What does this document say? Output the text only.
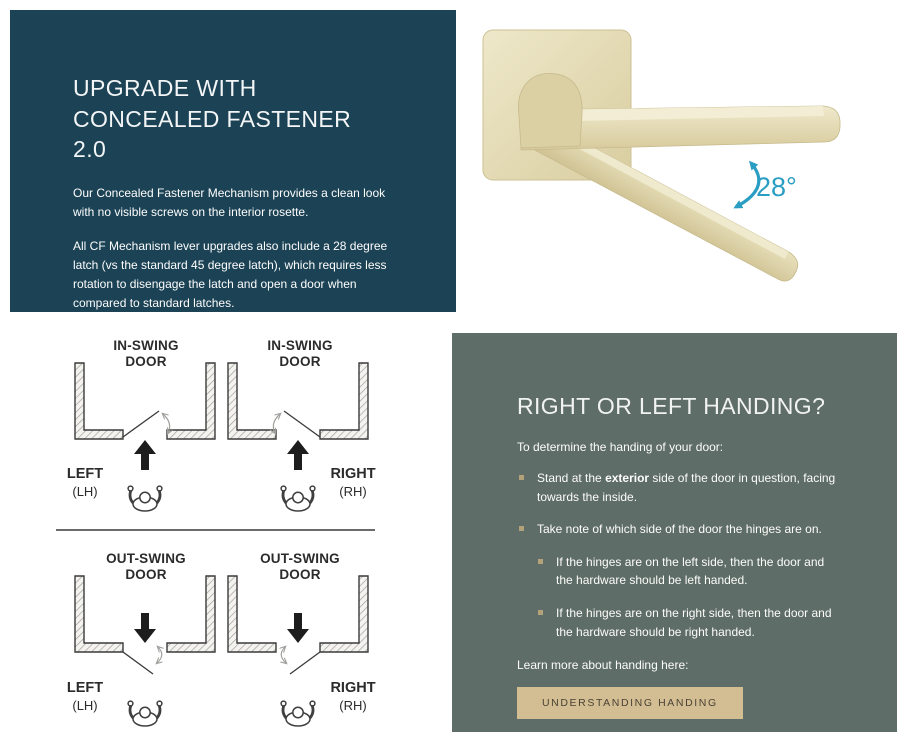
UPGRADE WITH CONCEALED FASTENER 2.0

Our Concealed Fastener Mechanism provides a clean look with no visible screws on the interior rosette.

All CF Mechanism lever upgrades also include a 28 degree latch (vs the standard 45 degree latch), which requires less rotation to disengage the latch and open a door when compared to standard latches.

28°
IN-SWING DOOR
IN-SWING DOOR
OUT-SWING DOOR
OUT-SWING DOOR
LEFT
(LH)
RIGHT
(RH)
LEFT
(LH)
RIGHT
(RH)
RIGHT OR LEFT HANDING?

To determine the handing of your door:

Stand at the exterior side of the door in question, facing towards the inside.
Take note of which side of the door the hinges are on.
If the hinges are on the left side, then the door and the hardware should be left handed.
If the hinges are on the right side, then the door and the hardware should be right handed.

Learn more about handing here:

UNDERSTANDING HANDING
